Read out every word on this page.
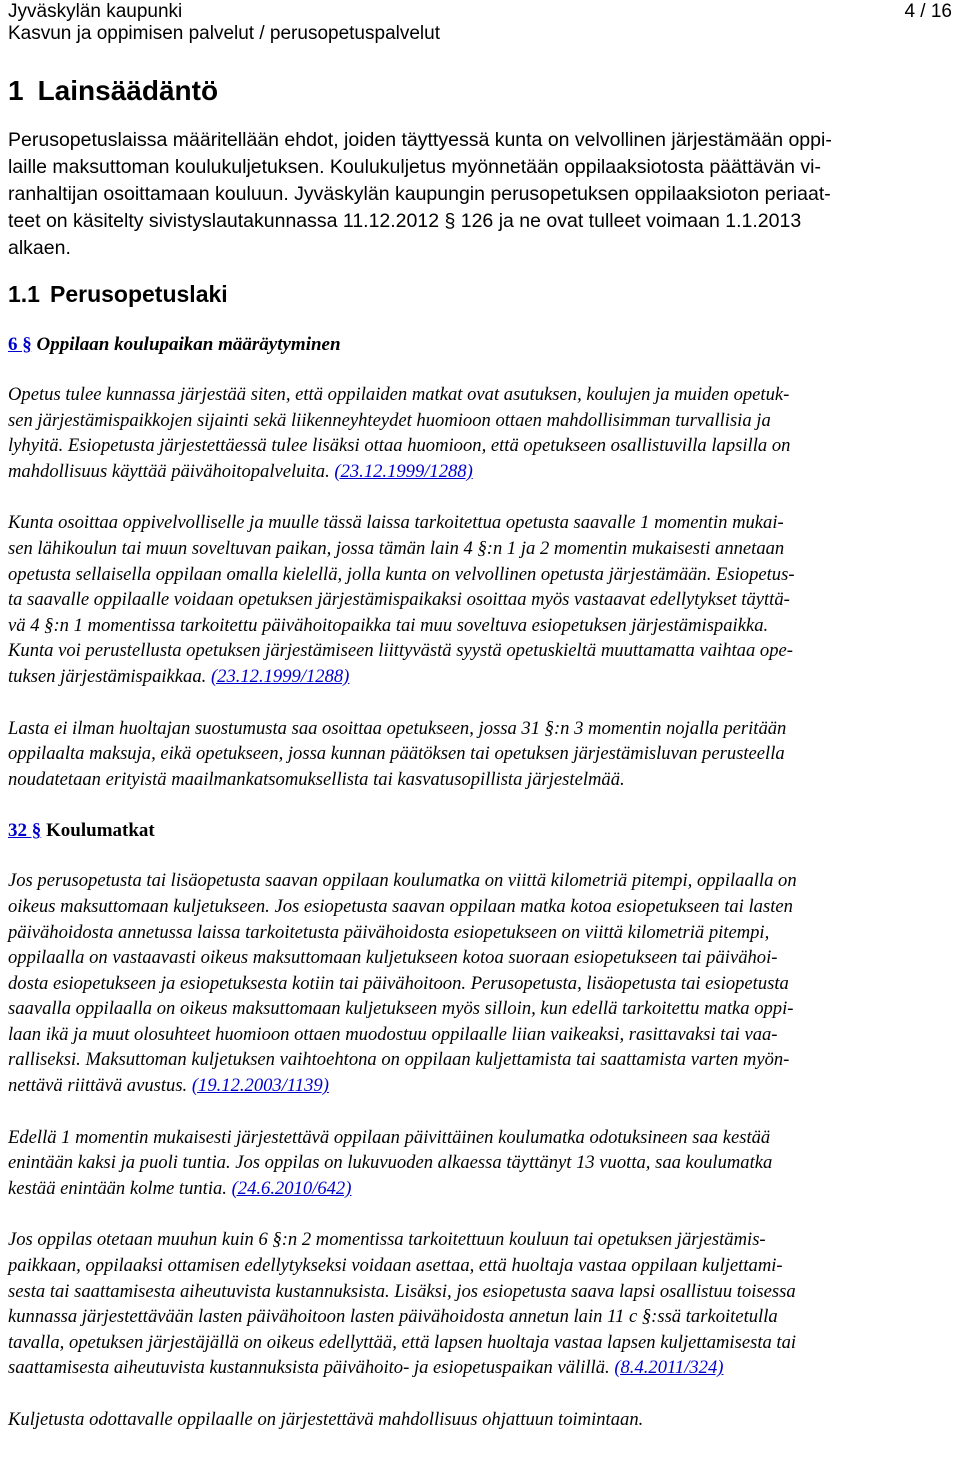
Jyväskylän kaupunki
Kasvun ja oppimisen palvelut / perusopetuspalvelut
4 / 16
1 Lainsäädäntö

Perusopetuslaissa määritellään ehdot, joiden täyttyessä kunta on velvollinen järjestämään oppi-
laille maksuttoman koulukuljetuksen. Koulukuljetus myönnetään oppilaaksiotosta päättävän vi-
ranhaltijan osoittamaan kouluun. Jyväskylän kaupungin perusopetuksen oppilaaksioton periaat-
teet on käsitelty sivistyslautakunnassa 11.12.2012 § 126 ja ne ovat tulleet voimaan 1.1.2013
alkaen.

1.1 Perusopetuslaki
6 § Oppilaan koulupaikan määräytyminen

Opetus tulee kunnassa järjestää siten, että oppilaiden matkat ovat asutuksen, koulujen ja muiden opetuk-
sen järjestämispaikkojen sijainti sekä liikenneyhteydet huomioon ottaen mahdollisimman turvallisia ja
lyhyitä. Esiopetusta järjestettäessä tulee lisäksi ottaa huomioon, että opetukseen osallistuvilla lapsilla on
mahdollisuus käyttää päivähoitopalveluita. (23.12.1999/1288)

Kunta osoittaa oppivelvolliselle ja muulle tässä laissa tarkoitettua opetusta saavalle 1 momentin mukai-
sen lähikoulun tai muun soveltuvan paikan, jossa tämän lain 4 §:n 1 ja 2 momentin mukaisesti annetaan
opetusta sellaisella oppilaan omalla kielellä, jolla kunta on velvollinen opetusta järjestämään. Esiopetus-
ta saavalle oppilaalle voidaan opetuksen järjestämispaikaksi osoittaa myös vastaavat edellytykset täyttä-
vä 4 §:n 1 momentissa tarkoitettu päivähoitopaikka tai muu soveltuva esiopetuksen järjestämispaikka.
Kunta voi perustellusta opetuksen järjestämiseen liittyvästä syystä opetuskieltä muuttamatta vaihtaa ope-
tuksen järjestämispaikkaa. (23.12.1999/1288)

Lasta ei ilman huoltajan suostumusta saa osoittaa opetukseen, jossa 31 §:n 3 momentin nojalla peritään
oppilaalta maksuja, eikä opetukseen, jossa kunnan päätöksen tai opetuksen järjestämisluvan perusteella
noudatetaan erityistä maailmankatsomuksellista tai kasvatusopillista järjestelmää.

32 § Koulumatkat

Jos perusopetusta tai lisäopetusta saavan oppilaan koulumatka on viittä kilometriä pitempi, oppilaalla on
oikeus maksuttomaan kuljetukseen. Jos esiopetusta saavan oppilaan matka kotoa esiopetukseen tai lasten
päivähoidosta annetussa laissa tarkoitetusta päivähoidosta esiopetukseen on viittä kilometriä pitempi,
oppilaalla on vastaavasti oikeus maksuttomaan kuljetukseen kotoa suoraan esiopetukseen tai päivähoi-
dosta esiopetukseen ja esiopetuksesta kotiin tai päivähoitoon. Perusopetusta, lisäopetusta tai esiopetusta
saavalla oppilaalla on oikeus maksuttomaan kuljetukseen myös silloin, kun edellä tarkoitettu matka oppi-
laan ikä ja muut olosuhteet huomioon ottaen muodostuu oppilaalle liian vaikeaksi, rasittavaksi tai vaa-
ralliseksi. Maksuttoman kuljetuksen vaihtoehtona on oppilaan kuljettamista tai saattamista varten myön-
nettävä riittävä avustus. (19.12.2003/1139)

Edellä 1 momentin mukaisesti järjestettävä oppilaan päivittäinen koulumatka odotuksineen saa kestää
enintään kaksi ja puoli tuntia. Jos oppilas on lukuvuoden alkaessa täyttänyt 13 vuotta, saa koulumatka
kestää enintään kolme tuntia. (24.6.2010/642)

Jos oppilas otetaan muuhun kuin 6 §:n 2 momentissa tarkoitettuun kouluun tai opetuksen järjestämis-
paikkaan, oppilaaksi ottamisen edellytykseksi voidaan asettaa, että huoltaja vastaa oppilaan kuljettami-
sesta tai saattamisesta aiheutuvista kustannuksista. Lisäksi, jos esiopetusta saava lapsi osallistuu toisessa
kunnassa järjestettävään lasten päivähoitoon lasten päivähoidosta annetun lain 11 c §:ssä tarkoitetulla
tavalla, opetuksen järjestäjällä on oikeus edellyttää, että lapsen huoltaja vastaa lapsen kuljettamisesta tai
saattamisesta aiheutuvista kustannuksista päivähoito- ja esiopetuspaikan välillä. (8.4.2011/324)

Kuljetusta odottavalle oppilaalle on järjestettävä mahdollisuus ohjattuun toimintaan.
